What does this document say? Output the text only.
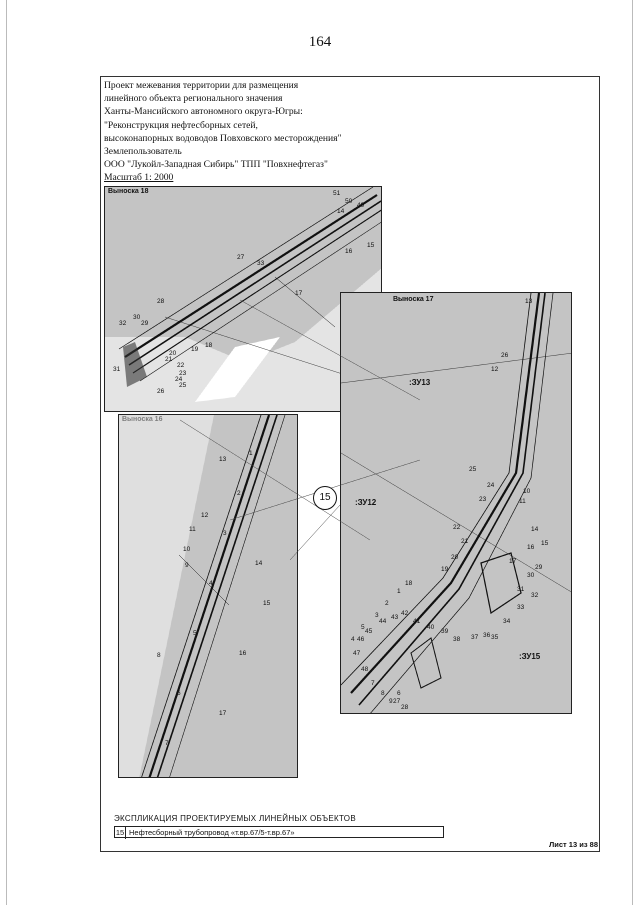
164
Проект межевания территории для размещения
линейного объекта регионального значения
Ханты-Мансийского автономного округа-Югры:
"Реконструкция нефтесборных сетей,
высоконапорных водоводов Повховского месторождения"
Землепользователь
ООО "Лукойл-Западная Сибирь" ТПП "Повхнефтегаз"
Масштаб 1: 2000
Выноска 18	51
50
49
14
15
16
27
33
17
28
30
32 29
20
19
18
21
22
23
24
25
26
31
Выноска 17
:ЗУ13
:ЗУ12
:ЗУ15
13
12
26
11
10
25
24
23
22
21
20
19
18
14
15
16
17
29
30
31
32
33
34
35
36
37
38
39
40
41
42
43
44
45
46
47
48
7
8
9
6
5
4
3
2
1
27
28
Выноска 16
13
12
11
10
9
8
7
6
5
4
3
2
1
14
15
16
17
15
ЭКСПЛИКАЦИЯ ПРОЕКТИРУЕМЫХ ЛИНЕЙНЫХ ОБЪЕКТОВ
15 Нефтесборный трубопровод «т.вр.67/5-т.вр.67»
Лист 13 из 88
